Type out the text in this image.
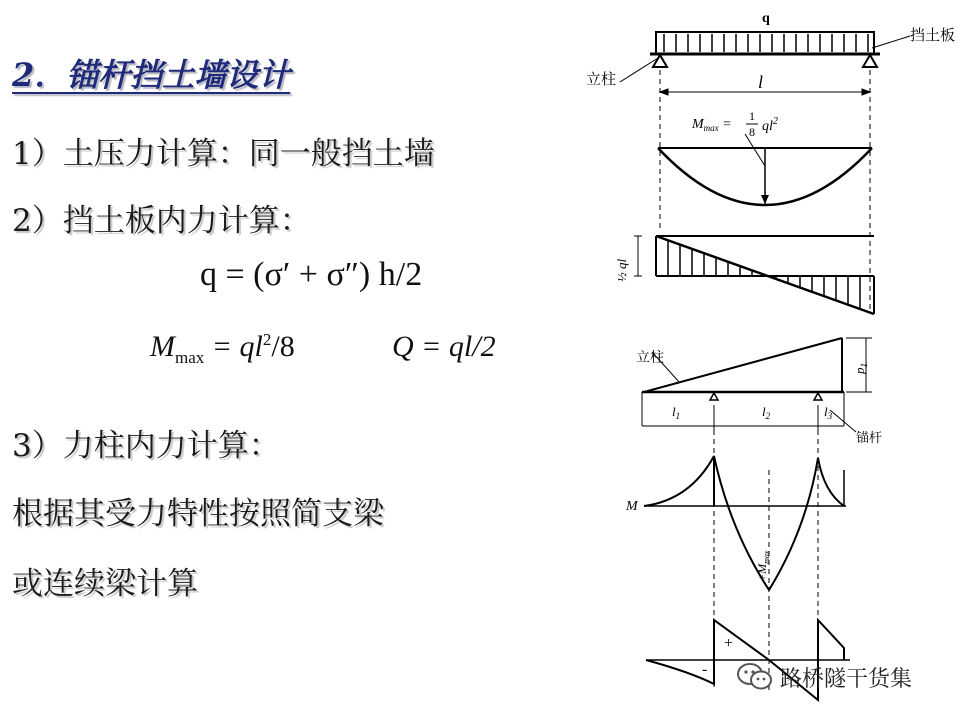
2．锚杆挡土墙设计
1）土压力计算：同一般挡土墙
2）挡土板内力计算：
q = (σ′ + σ″) h/2
$M_{max} = ql^2/8$	Q = ql/2
3）力柱内力计算：
根据其受力特性按照简支梁
或连续梁计算
q
挡土板
立柱	l
$M_{max}$ =
1
8 $ql^2$
½ ql
立柱
$p_1$
$l_1$	$l_2$	$l_3$
锚杆
M
$+M_{max}$
+
-	路桥隧干货集
